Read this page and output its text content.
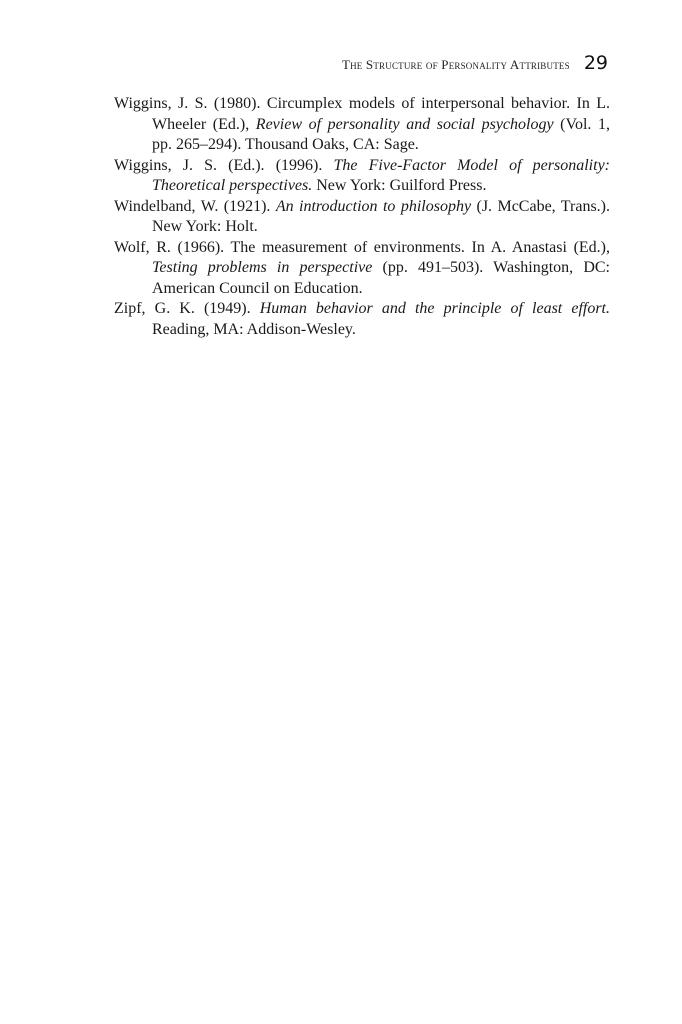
The Structure of Personality Attributes 29

Wiggins, J. S. (1980). Circumplex models of interpersonal behavior. In L. Wheeler (Ed.), Review of personality and social psychology (Vol. 1, pp. 265–294). Thousand Oaks, CA: Sage.

Wiggins, J. S. (Ed.). (1996). The Five-Factor Model of personality: Theoretical perspectives. New York: Guilford Press.

Windelband, W. (1921). An introduction to philosophy (J. McCabe, Trans.). New York: Holt.

Wolf, R. (1966). The measurement of environments. In A. Anastasi (Ed.), Testing problems in perspective (pp. 491–503). Washington, DC: American Council on Education.

Zipf, G. K. (1949). Human behavior and the principle of least effort. Reading, MA: Addison-Wesley.
